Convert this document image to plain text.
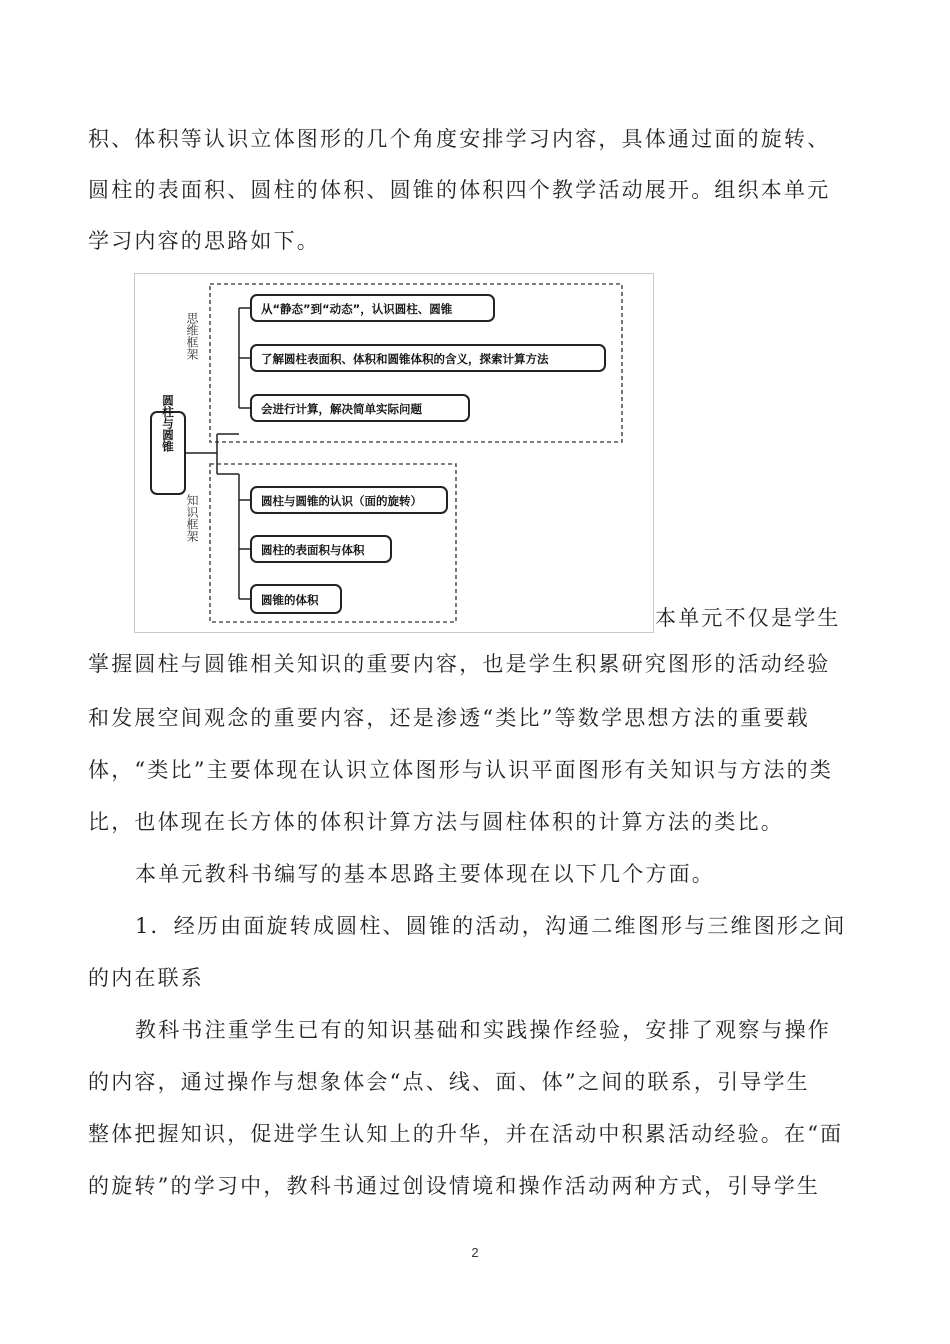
积、体积等认识立体图形的几个角度安排学习内容，具体通过面的旋转、
圆柱的表面积、圆柱的体积、圆锥的体积四个教学活动展开。组织本单元
学习内容的思路如下。
圆柱与圆锥
思维框架
知识框架
从“静态”到“动态”，认识圆柱、圆锥
了解圆柱表面积、体积和圆锥体积的含义，探索计算方法
会进行计算，解决简单实际问题
圆柱与圆锥的认识（面的旋转）
圆柱的表面积与体积
圆锥的体积
本单元不仅是学生
掌握圆柱与圆锥相关知识的重要内容，也是学生积累研究图形的活动经验
和发展空间观念的重要内容，还是渗透“类比”等数学思想方法的重要载
体，“类比”主要体现在认识立体图形与认识平面图形有关知识与方法的类
比，也体现在长方体的体积计算方法与圆柱体积的计算方法的类比。
本单元教科书编写的基本思路主要体现在以下几个方面。
1．经历由面旋转成圆柱、圆锥的活动，沟通二维图形与三维图形之间
的内在联系
教科书注重学生已有的知识基础和实践操作经验，安排了观察与操作
的内容，通过操作与想象体会“点、线、面、体”之间的联系，引导学生
整体把握知识，促进学生认知上的升华，并在活动中积累活动经验。在“面
的旋转”的学习中，教科书通过创设情境和操作活动两种方式，引导学生
2
